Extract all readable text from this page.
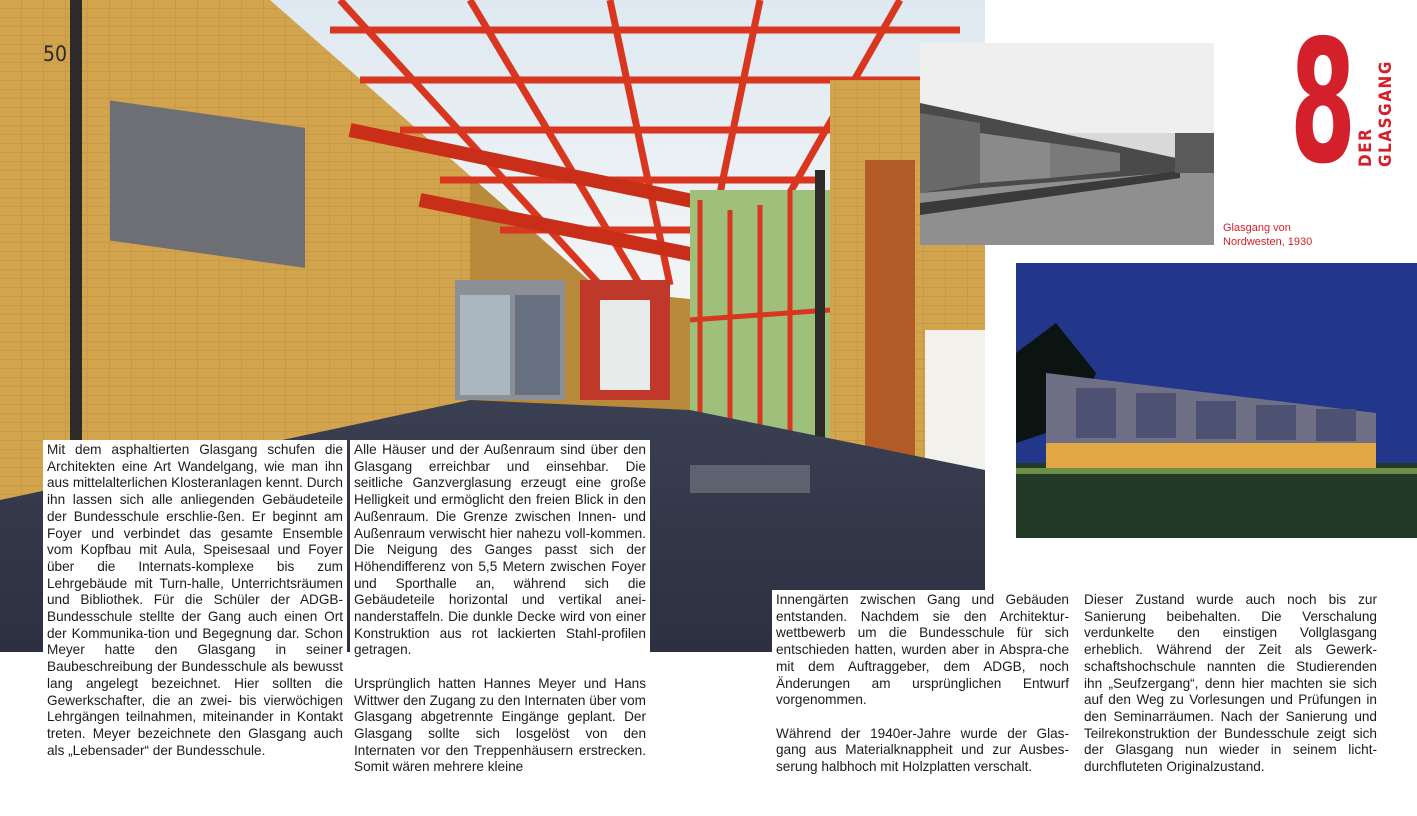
50
Glasgang von
Nordwesten, 1930
8 DER GLASGANG
Mit dem asphaltierten Glasgang schufen die Architekten eine Art Wandelgang, wie man ihn aus mittelalterlichen Klosteranlagen kennt. Durch ihn lassen sich alle anliegenden Gebäudeteile der Bundesschule erschlie-ßen. Er beginnt am Foyer und verbindet das gesamte Ensemble vom Kopfbau mit Aula, Speisesaal und Foyer über die Internats-komplexe bis zum Lehrgebäude mit Turn-halle, Unterrichtsräumen und Bibliothek. Für die Schüler der ADGB-Bundesschule stellte der Gang auch einen Ort der Kommunika-tion und Begegnung dar. Schon Meyer hatte den Glasgang in seiner Baubeschreibung der Bundesschule als bewusst lang angelegt bezeichnet. Hier sollten die Gewerkschafter, die an zwei- bis vierwöchigen Lehrgängen teilnahmen, miteinander in Kontakt treten. Meyer bezeichnete den Glasgang auch als „Lebensader“ der Bundesschule.
Alle Häuser und der Außenraum sind über den Glasgang erreichbar und einsehbar. Die seitliche Ganzverglasung erzeugt eine große Helligkeit und ermöglicht den freien Blick in den Außenraum. Die Grenze zwischen Innen- und Außenraum verwischt hier nahezu voll-kommen. Die Neigung des Ganges passt sich der Höhendifferenz von 5,5 Metern zwischen Foyer und Sporthalle an, während sich die Gebäudeteile horizontal und vertikal anei-nanderstaffeln. Die dunkle Decke wird von einer Konstruktion aus rot lackierten Stahl-profilen getragen.

Ursprünglich hatten Hannes Meyer und Hans Wittwer den Zugang zu den Internaten über vom Glasgang abgetrennte Eingänge geplant. Der Glasgang sollte sich losgelöst von den Internaten vor den Treppenhäusern erstrecken. Somit wären mehrere kleine
Innengärten zwischen Gang und Gebäuden entstanden. Nachdem sie den Architektur-wettbewerb um die Bundesschule für sich entschieden hatten, wurden aber in Abspra-che mit dem Auftraggeber, dem ADGB, noch Änderungen am ursprünglichen Entwurf vorgenommen.

Während der 1940er-Jahre wurde der Glas-gang aus Materialknappheit und zur Ausbes-serung halbhoch mit Holzplatten verschalt.
Dieser Zustand wurde auch noch bis zur Sanierung beibehalten. Die Verschalung verdunkelte den einstigen Vollglasgang erheblich. Während der Zeit als Gewerk-schaftshochschule nannten die Studierenden ihn „Seufzergang“, denn hier machten sie sich auf den Weg zu Vorlesungen und Prüfungen in den Seminarräumen. Nach der Sanierung und Teilrekonstruktion der Bundesschule zeigt sich der Glasgang nun wieder in seinem licht-durchfluteten Originalzustand.
